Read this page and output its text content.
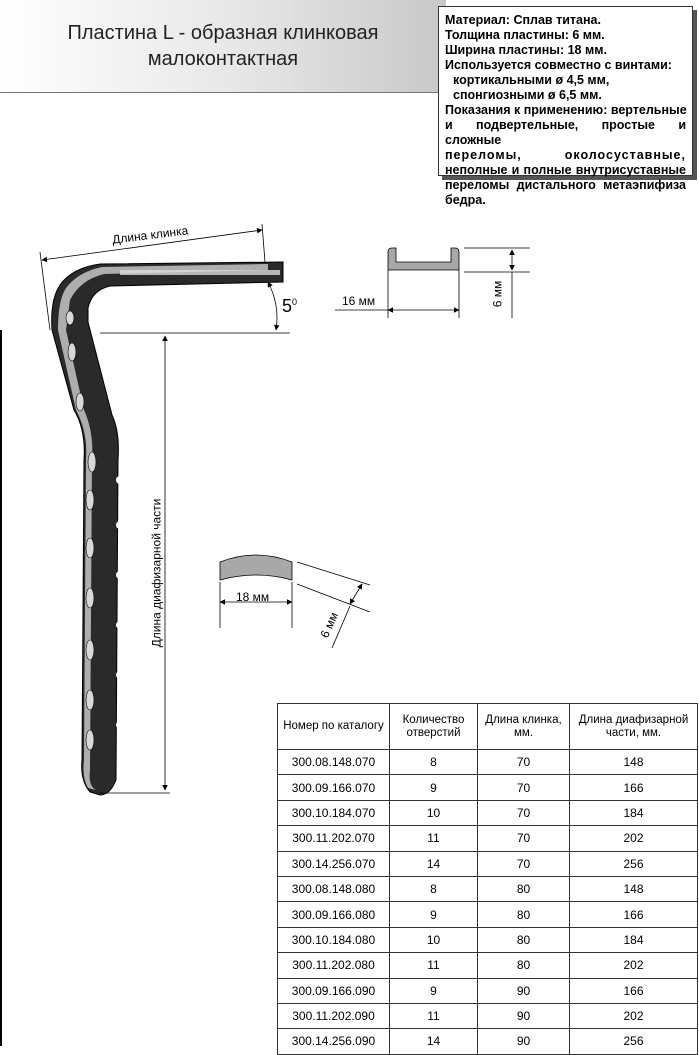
Пластина L - образная клинковая
малоконтактная
Материал: Сплав титана.
Толщина пластины: 6 мм.
Ширина пластины: 18 мм.
Используется совместно с винтами:
кортикальными ø 4,5 мм,
спонгиозными ø 6,5 мм.
Показания к применению: вертельные
и подвертельные, простые и сложные
переломы, околосуставные,
неполные и полные внутрисуставные
переломы дистального метаэпифиза
бедра.
Длина клинка
$5^0$
Длина диафизарной части
16 мм	6 мм
18 мм
6 мм
Номер по каталогу	Количество отверстий	Длина клинка, мм.	Длина диафизарной части, мм.
300.08.148.070	8	70	148
300.09.166.070	9	70	166
300.10.184.070	10	70	184
300.11.202.070	11	70	202
300.14.256.070	14	70	256
300.08.148.080	8	80	148
300.09.166.080	9	80	166
300.10.184.080	10	80	184
300.11.202.080	11	80	202
300.09.166.090	9	90	166
300.11.202.090	11	90	202
300.14.256.090	14	90	256
